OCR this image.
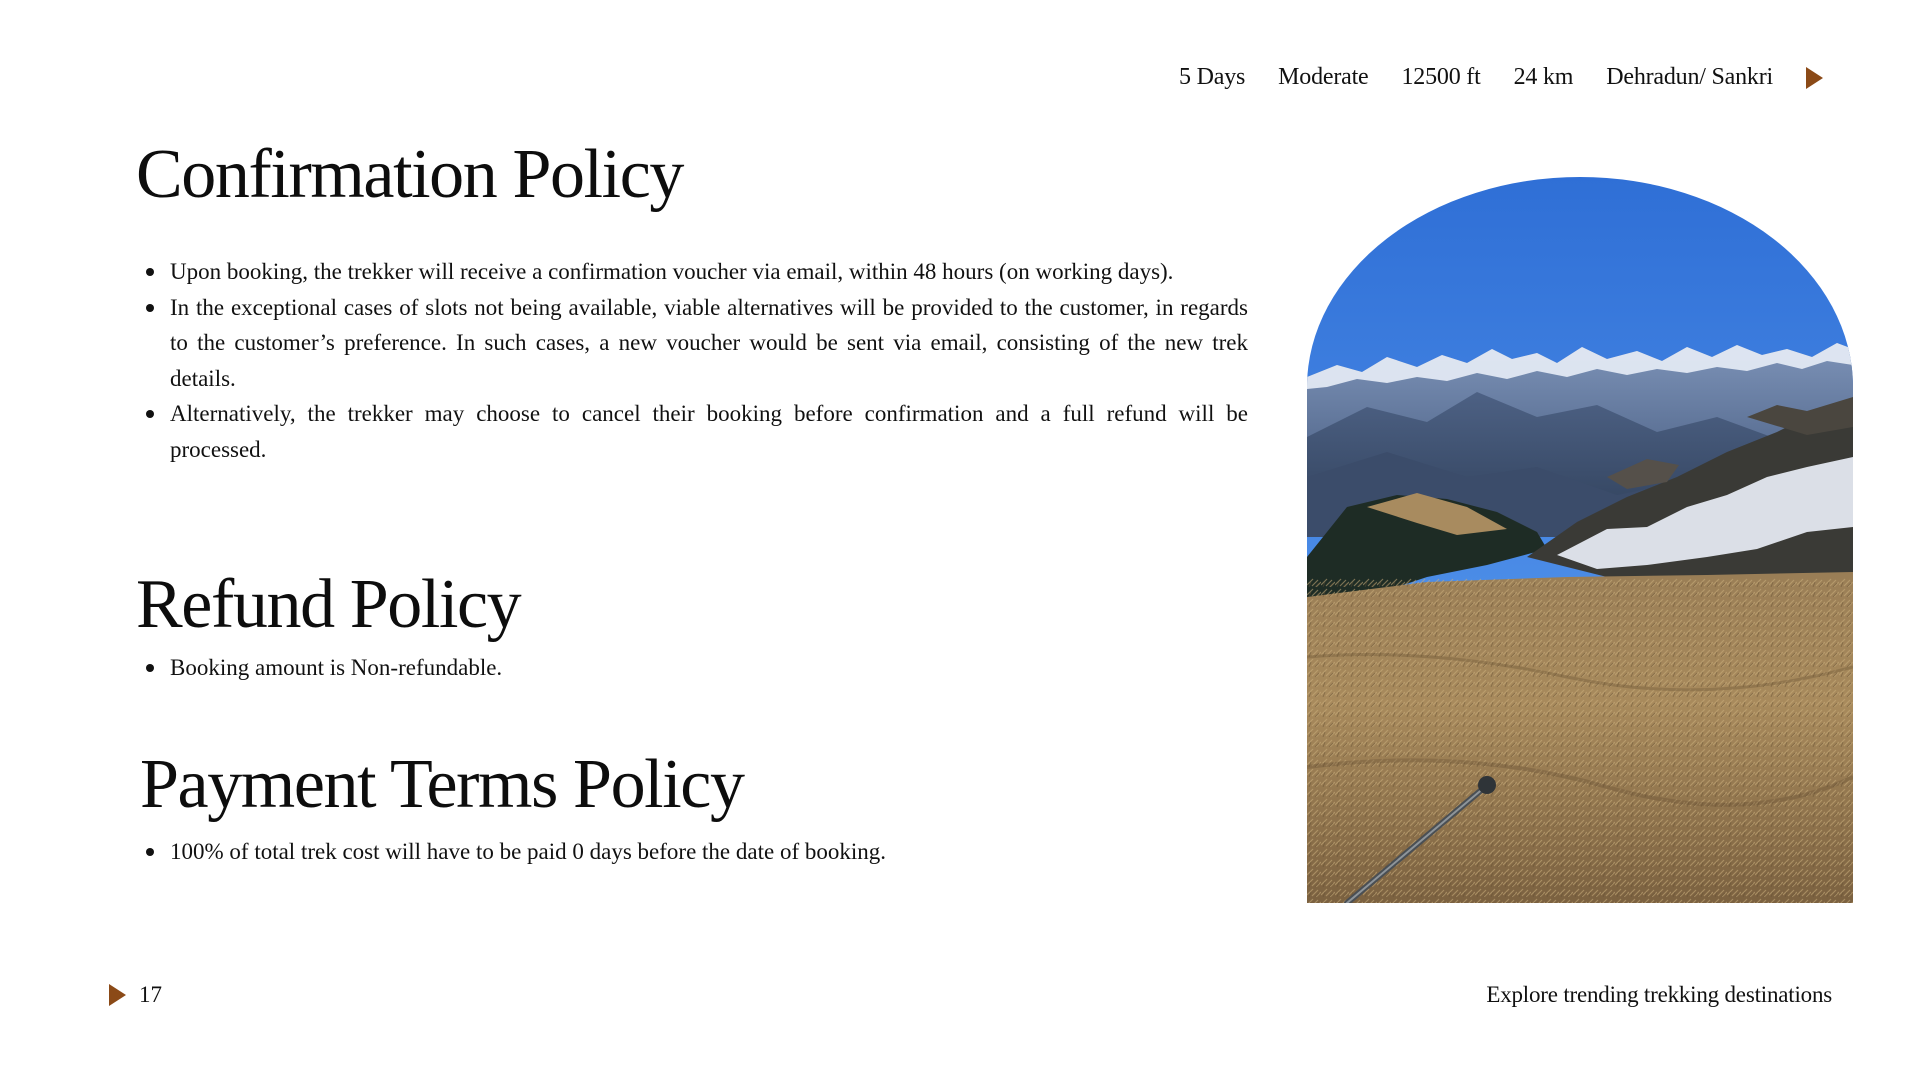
5 Days Moderate 12500 ft 24 km Dehradun/ Sankri
Confirmation Policy
Upon booking, the trekker will receive a confirmation voucher via email, within 48 hours (on working days).
In the exceptional cases of slots not being available, viable alternatives will be provided to the customer, in regards to the customer’s preference. In such cases, a new voucher would be sent via email, consisting of the new trek details.
Alternatively, the trekker may choose to cancel their booking before confirmation and a full refund will be processed.
Refund Policy
Booking amount is Non-refundable.
Payment Terms Policy
100% of total trek cost will have to be paid 0 days before the date of booking.
17	Explore trending trekking destinations
